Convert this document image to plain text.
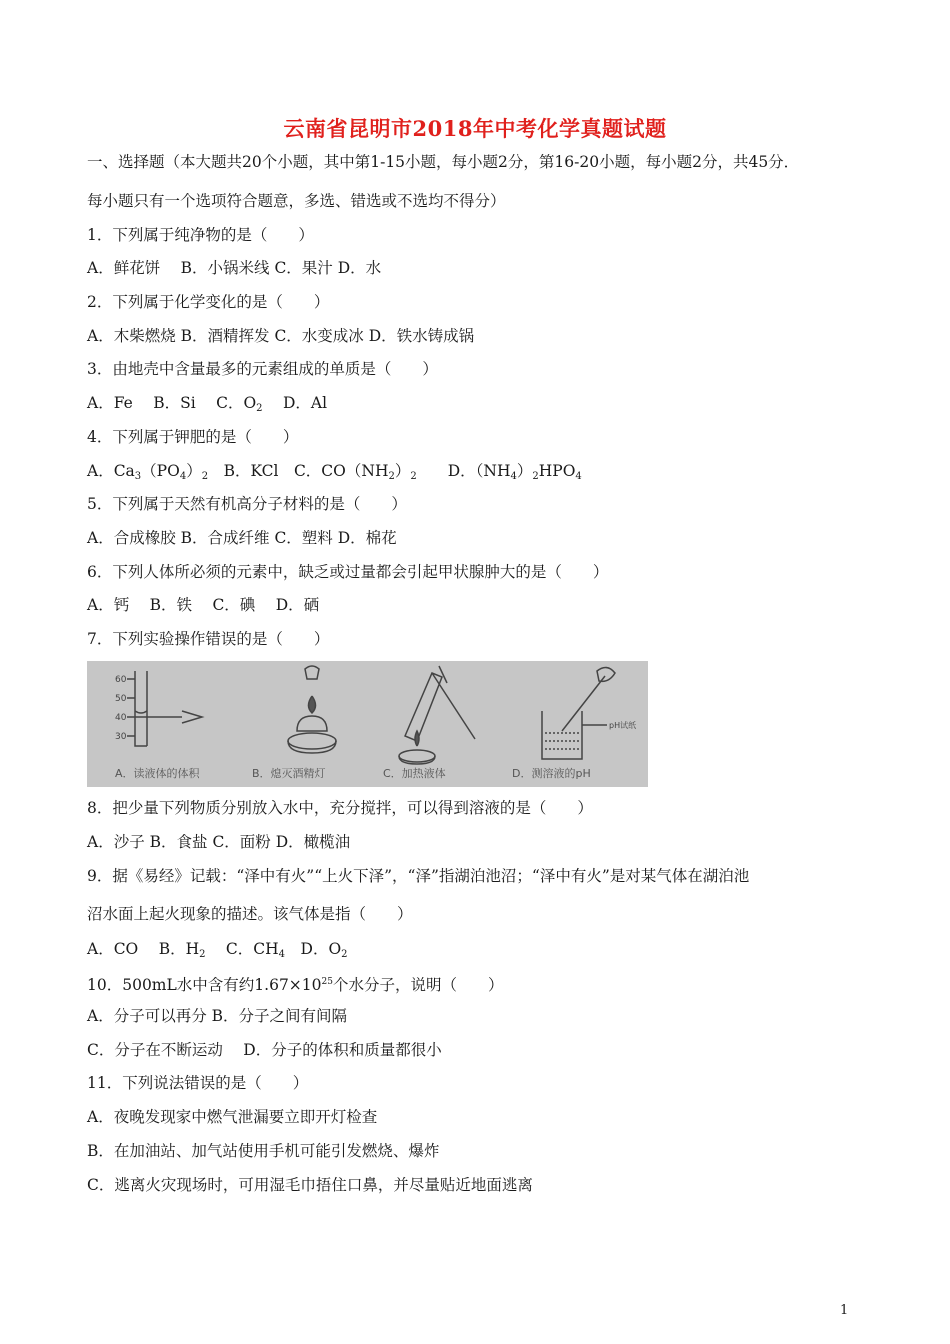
云南省昆明市2018年中考化学真题试题
一、选择题（本大题共20个小题，其中第1-15小题，每小题2分，第16-20小题，每小题2分，共45分．
每小题只有一个选项符合题意，多选、错选或不选均不得分）
1．下列属于纯净物的是（　　）
A．鲜花饼　 B．小锅米线 C．果汁 D．水
2．下列属于化学变化的是（　　）
A．木柴燃烧 B．酒精挥发 C．水变成冰 D．铁水铸成锅
3．由地壳中含量最多的元素组成的单质是（　　）
A．Fe　 B．Si　 C．$O_2$　 D．Al
4．下列属于钾肥的是（　　）
A．$Ca_3(PO_4)_2$　B．KCl　C．$CO(NH_2)_2$　　D．$(NH_4)_2HPO_4$
5．下列属于天然有机高分子材料的是（　　）
A．合成橡胶 B．合成纤维 C．塑料 D．棉花
6．下列人体所必须的元素中，缺乏或过量都会引起甲状腺肿大的是（　　）
A．钙　 B．铁　 C．碘　 D．硒
7．下列实验操作错误的是（　　）
60
50
40
30
pH试纸
A．读液体的体积	B．熄灭酒精灯	C．加热液体	D．测溶液的pH
8．把少量下列物质分别放入水中，充分搅拌，可以得到溶液的是（　　）
A．沙子 B．食盐 C．面粉 D．橄榄油
9．据《易经》记载：“泽中有火”“上火下泽”，“泽”指湖泊池沼；“泽中有火”是对某气体在湖泊池
沼水面上起火现象的描述。该气体是指（　　）
A．CO　 B．$H_2$　 C．$CH_4$　D．$O_2$
10．500mL水中含有约$1.67\times 10^{25}$个水分子，说明（　　）
A．分子可以再分 B．分子之间有间隔
C．分子在不断运动　 D．分子的体积和质量都很小
11．下列说法错误的是（　　）
A．夜晚发现家中燃气泄漏要立即开灯检查
B．在加油站、加气站使用手机可能引发燃烧、爆炸
C．逃离火灾现场时，可用湿毛巾捂住口鼻，并尽量贴近地面逃离
1
